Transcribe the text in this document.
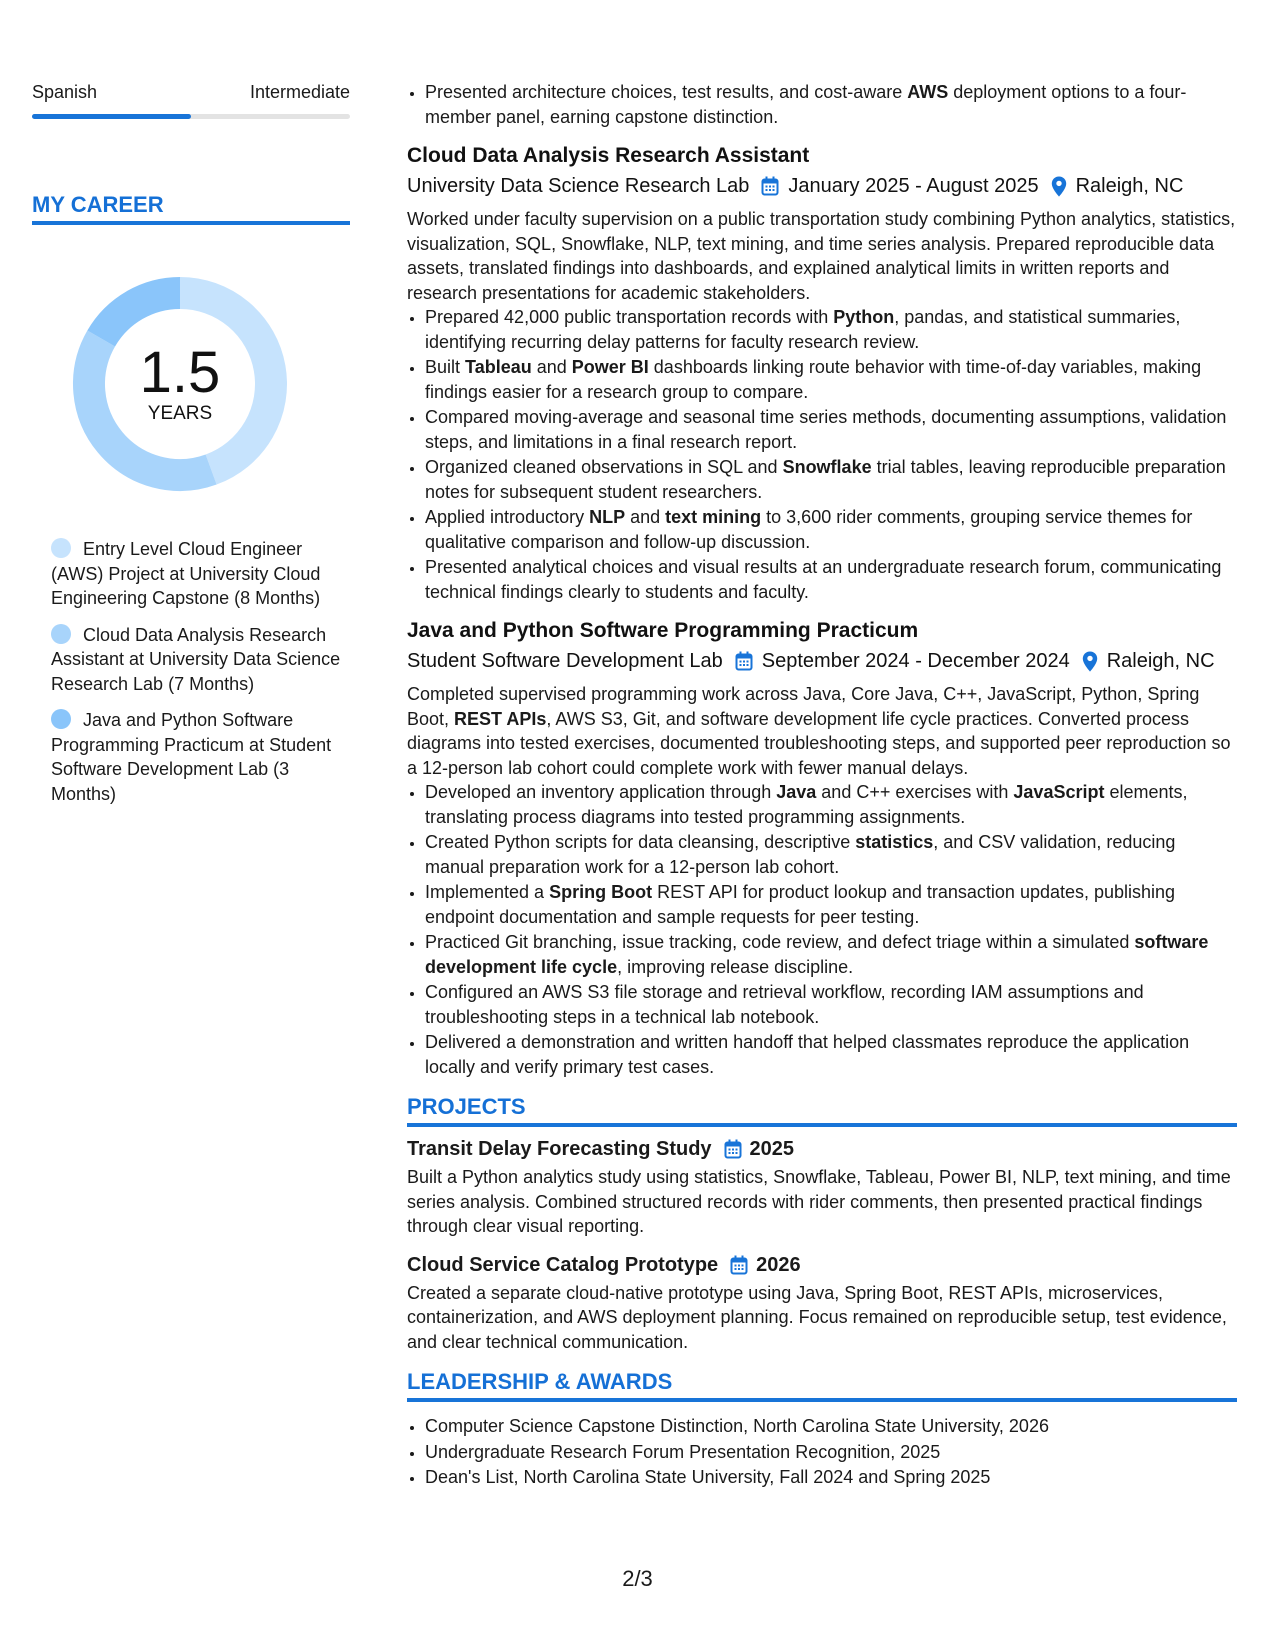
Spanish	Intermediate
MY CAREER
1.5
YEARS
Entry Level Cloud Engineer (AWS) Project at University Cloud Engineering Capstone (8 Months)
Cloud Data Analysis Research Assistant at University Data Science Research Lab (7 Months)
Java and Python Software Programming Practicum at Student Software Development Lab (3 Months)
• Presented architecture choices, test results, and cost-aware AWS deployment options to a four-member panel, earning capstone distinction.
Cloud Data Analysis Research Assistant
University Data Science Research Lab January 2025 - August 2025 Raleigh, NC
Worked under faculty supervision on a public transportation study combining Python analytics, statistics, visualization, SQL, Snowflake, NLP, text mining, and time series analysis. Prepared reproducible data assets, translated findings into dashboards, and explained analytical limits in written reports and research presentations for academic stakeholders.
• Prepared 42,000 public transportation records with Python, pandas, and statistical summaries, identifying recurring delay patterns for faculty research review.
• Built Tableau and Power BI dashboards linking route behavior with time-of-day variables, making findings easier for a research group to compare.
• Compared moving-average and seasonal time series methods, documenting assumptions, validation steps, and limitations in a final research report.
• Organized cleaned observations in SQL and Snowflake trial tables, leaving reproducible preparation notes for subsequent student researchers.
• Applied introductory NLP and text mining to 3,600 rider comments, grouping service themes for qualitative comparison and follow-up discussion.
• Presented analytical choices and visual results at an undergraduate research forum, communicating technical findings clearly to students and faculty.
Java and Python Software Programming Practicum
Student Software Development Lab September 2024 - December 2024 Raleigh, NC
Completed supervised programming work across Java, Core Java, C++, JavaScript, Python, Spring Boot, REST APIs, AWS S3, Git, and software development life cycle practices. Converted process diagrams into tested exercises, documented troubleshooting steps, and supported peer reproduction so a 12-person lab cohort could complete work with fewer manual delays.
• Developed an inventory application through Java and C++ exercises with JavaScript elements, translating process diagrams into tested programming assignments.
• Created Python scripts for data cleansing, descriptive statistics, and CSV validation, reducing manual preparation work for a 12-person lab cohort.
• Implemented a Spring Boot REST API for product lookup and transaction updates, publishing endpoint documentation and sample requests for peer testing.
• Practiced Git branching, issue tracking, code review, and defect triage within a simulated software development life cycle, improving release discipline.
• Configured an AWS S3 file storage and retrieval workflow, recording IAM assumptions and troubleshooting steps in a technical lab notebook.
• Delivered a demonstration and written handoff that helped classmates reproduce the application locally and verify primary test cases.
PROJECTS
Transit Delay Forecasting Study 2025
Built a Python analytics study using statistics, Snowflake, Tableau, Power BI, NLP, text mining, and time series analysis. Combined structured records with rider comments, then presented practical findings through clear visual reporting.
Cloud Service Catalog Prototype 2026
Created a separate cloud-native prototype using Java, Spring Boot, REST APIs, microservices, containerization, and AWS deployment planning. Focus remained on reproducible setup, test evidence, and clear technical communication.
LEADERSHIP & AWARDS
• Computer Science Capstone Distinction, North Carolina State University, 2026
• Undergraduate Research Forum Presentation Recognition, 2025
• Dean's List, North Carolina State University, Fall 2024 and Spring 2025
2/3
